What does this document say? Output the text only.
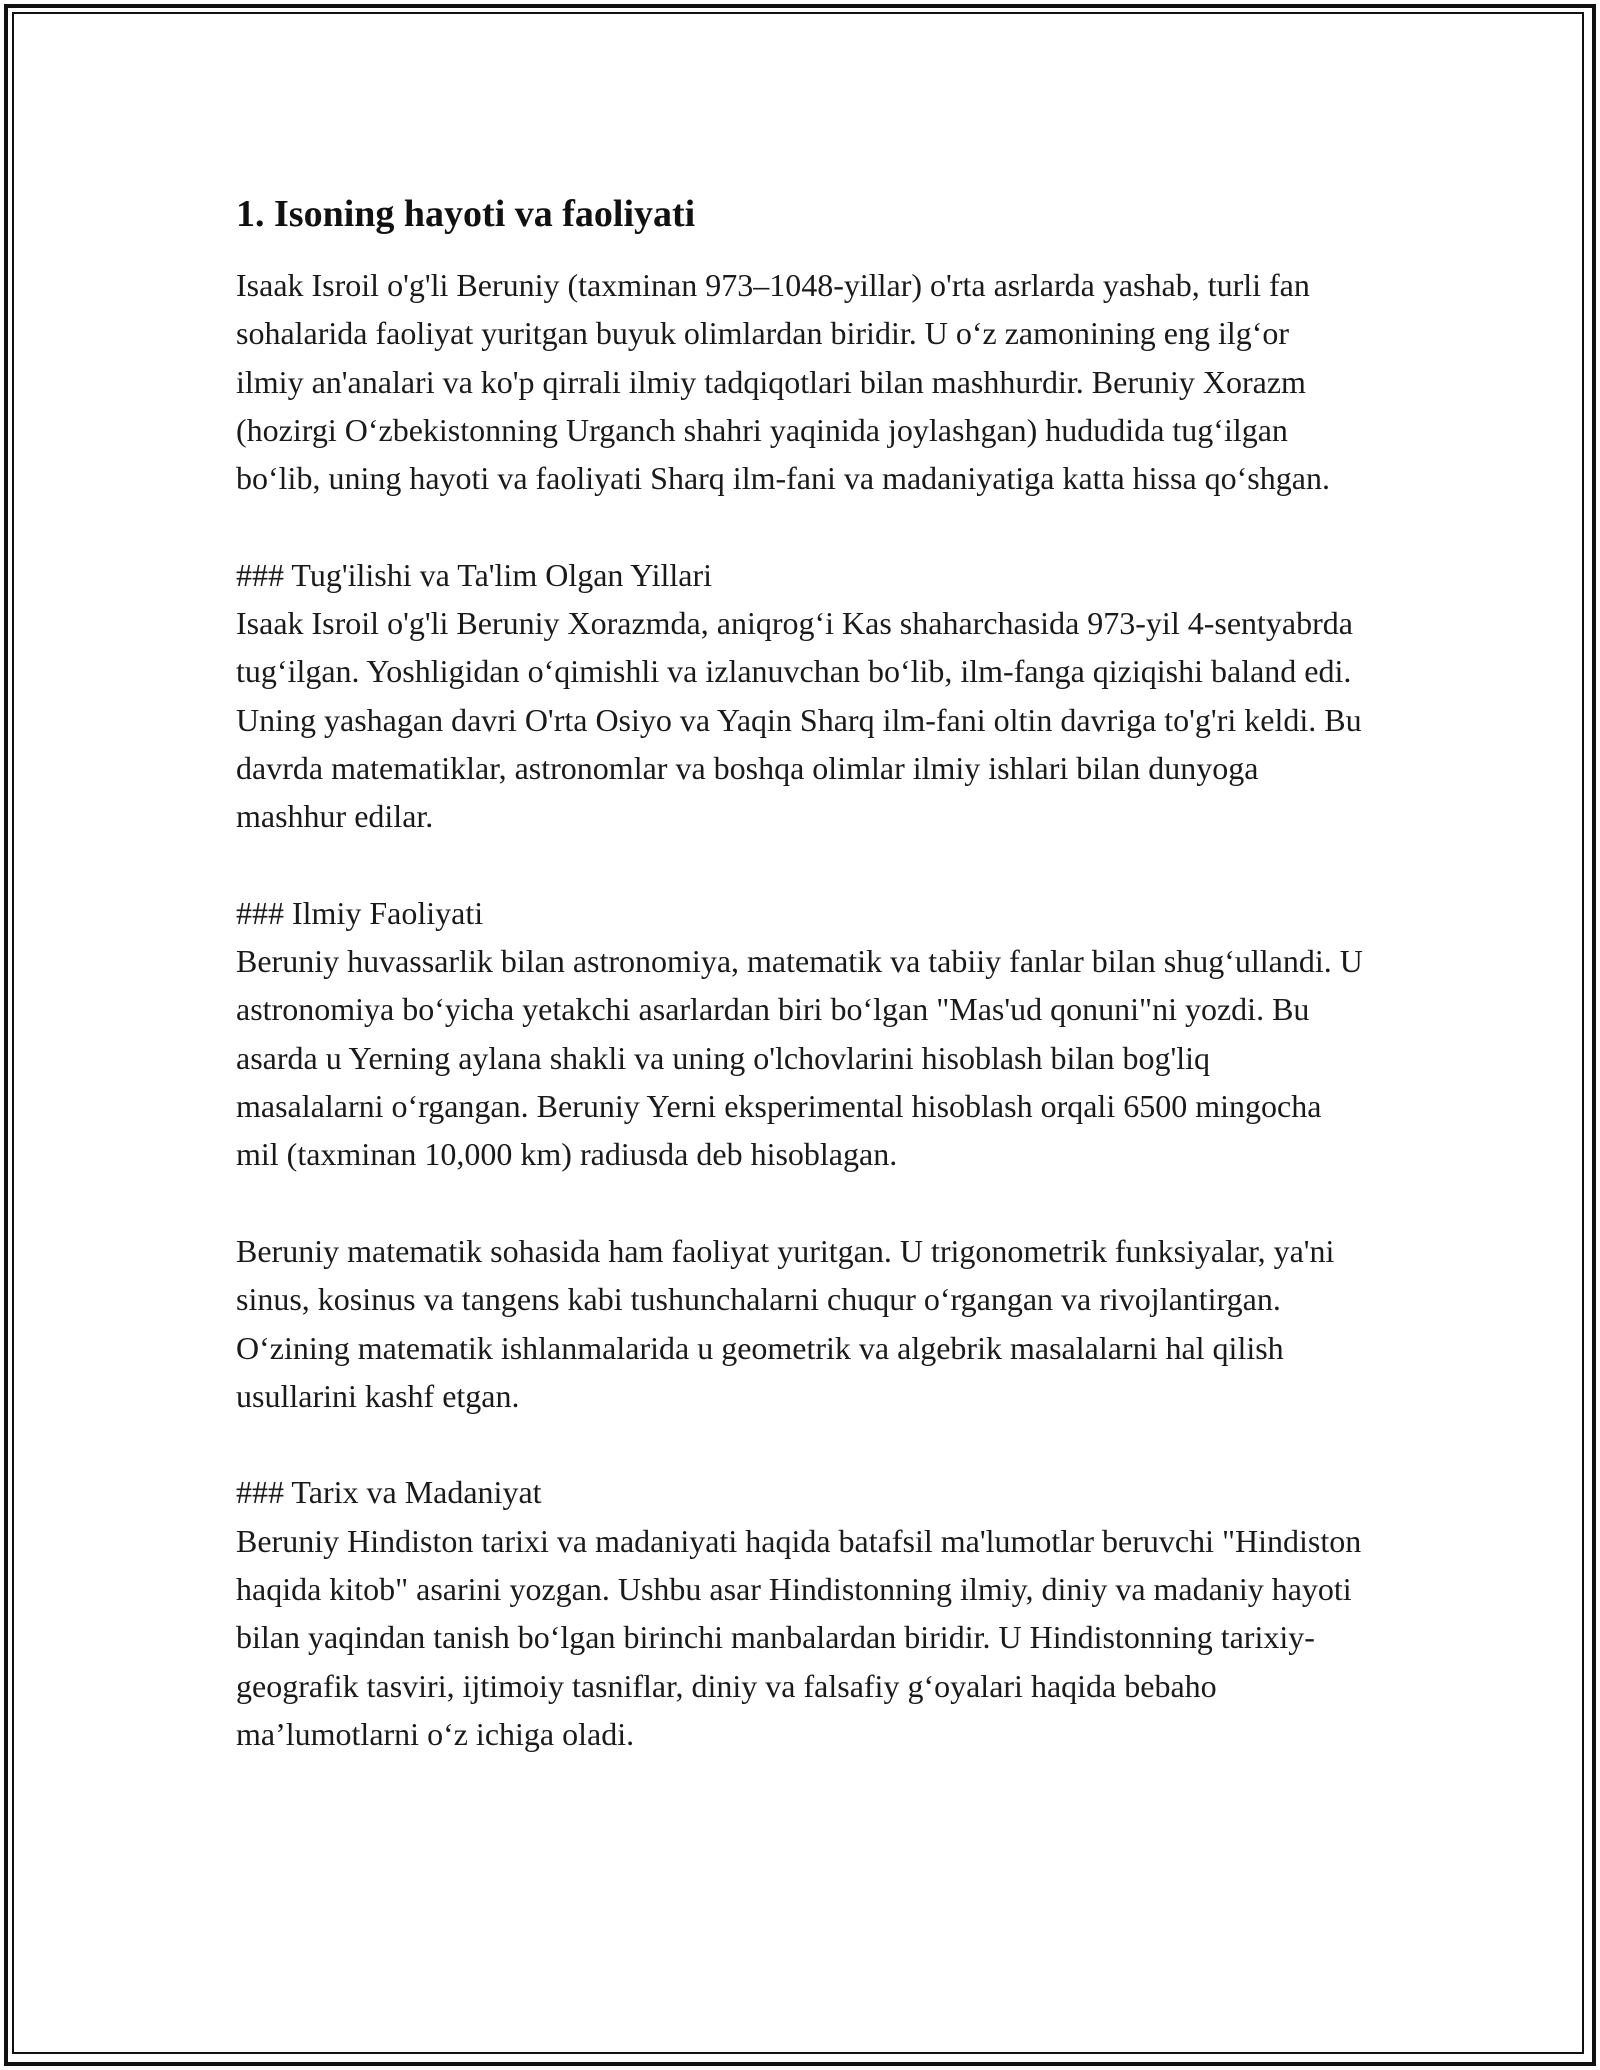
1. Isoning hayoti va faoliyati

Isaak Isroil o'g'li Beruniy (taxminan 973–1048-yillar) o'rta asrlarda yashab, turli fan sohalarida faoliyat yuritgan buyuk olimlardan biridir. U o‘z zamonining eng ilg‘or ilmiy an'analari va ko'p qirrali ilmiy tadqiqotlari bilan mashhurdir. Beruniy Xorazm (hozirgi O‘zbekistonning Urganch shahri yaqinida joylashgan) hududida tug‘ilgan bo‘lib, uning hayoti va faoliyati Sharq ilm-fani va madaniyatiga katta hissa qo‘shgan.

### Tug'ilishi va Ta'lim Olgan Yillari
Isaak Isroil o'g'li Beruniy Xorazmda, aniqrog‘i Kas shaharchasida 973-yil 4-sentyabrda tug‘ilgan. Yoshligidan o‘qimishli va izlanuvchan bo‘lib, ilm-fanga qiziqishi baland edi. Uning yashagan davri O'rta Osiyo va Yaqin Sharq ilm-fani oltin davriga to'g'ri keldi. Bu davrda matematiklar, astronomlar va boshqa olimlar ilmiy ishlari bilan dunyoga mashhur edilar.
### Ilmiy Faoliyati
Beruniy huvassarlik bilan astronomiya, matematik va tabiiy fanlar bilan shug‘ullandi. U astronomiya bo‘yicha yetakchi asarlardan biri bo‘lgan "Mas'ud qonuni"ni yozdi. Bu asarda u Yerning aylana shakli va uning o'lchovlarini hisoblash bilan bog'liq masalalarni o‘rgangan. Beruniy Yerni eksperimental hisoblash orqali 6500 mingocha mil (taxminan 10,000 km) radiusda deb hisoblagan.

Beruniy matematik sohasida ham faoliyat yuritgan. U trigonometrik funksiyalar, ya'ni sinus, kosinus va tangens kabi tushunchalarni chuqur o‘rgangan va rivojlantirgan. O‘zining matematik ishlanmalarida u geometrik va algebrik masalalarni hal qilish usullarini kashf etgan.

### Tarix va Madaniyat
Beruniy Hindiston tarixi va madaniyati haqida batafsil ma'lumotlar beruvchi "Hindiston haqida kitob" asarini yozgan. Ushbu asar Hindistonning ilmiy, diniy va madaniy hayoti bilan yaqindan tanish bo‘lgan birinchi manbalardan biridir. U Hindistonning tarixiy-geografik tasviri, ijtimoiy tasniflar, diniy va falsafiy g‘oyalari haqida bebaho ma’lumotlarni o‘z ichiga oladi.
